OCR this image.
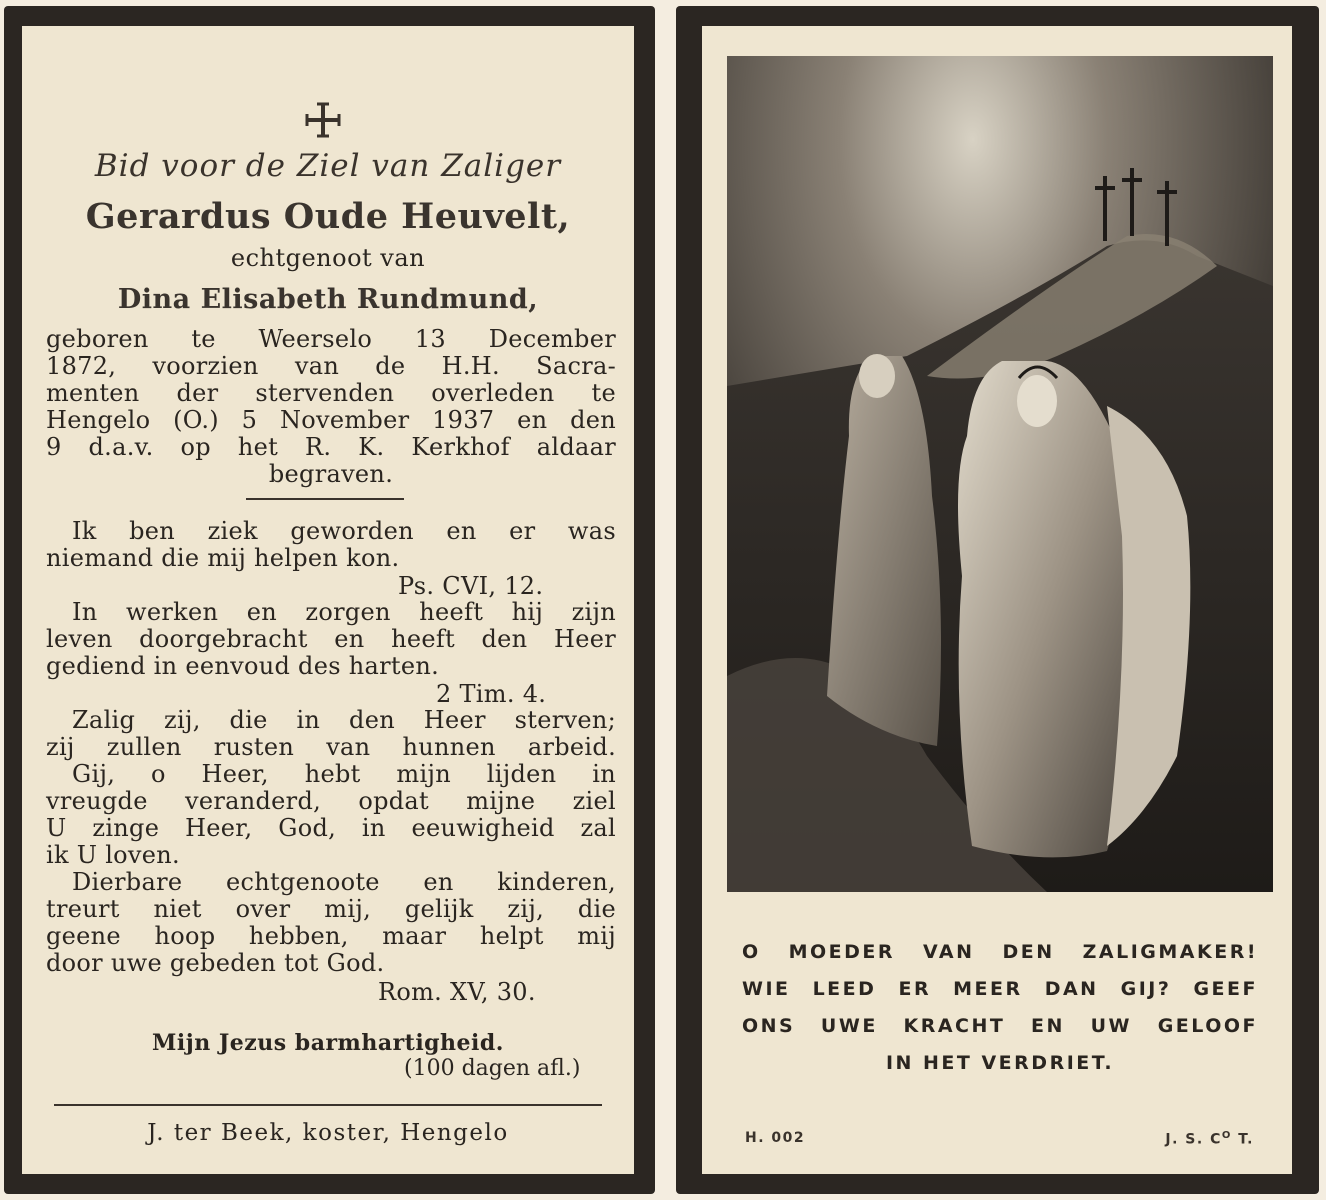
Bid voor de Ziel van Zaliger
Gerardus Oude Heuvelt,
echtgenoot van
Dina Elisabeth Rundmund,

geboren te Weerselo 13 December

1872, voorzien van de H.H. Sacra-

menten der stervenden overleden te

Hengelo (O.) 5 November 1937 en den

9 d.a.v. op het R. K. Kerkhof aldaar

begraven.

Ik ben ziek geworden en er was

niemand die mij helpen kon.

Ps. CVI, 12.

In werken en zorgen heeft hij zijn

leven doorgebracht en heeft den Heer

gediend in eenvoud des harten.

2 Tim. 4.

Zalig zij, die in den Heer sterven;

zij zullen rusten van hunnen arbeid.

Gij, o Heer, hebt mijn lijden in

vreugde veranderd, opdat mijne ziel

U zinge Heer, God, in eeuwigheid zal

ik U loven.

Dierbare echtgenoote en kinderen,

treurt niet over mij, gelijk zij, die

geene hoop hebben, maar helpt mij

door uwe gebeden tot God.

Rom. XV, 30.

Mijn Jezus barmhartigheid.
(100 dagen afl.)
J. ter Beek, koster, Hengelo

O MOEDER VAN DEN ZALIGMAKER!

WIE LEED ER MEER DAN GIJ? GEEF

ONS UWE KRACHT EN UW GELOOF

IN HET VERDRIET.

H. 002	J. S. $C^O$ T.
